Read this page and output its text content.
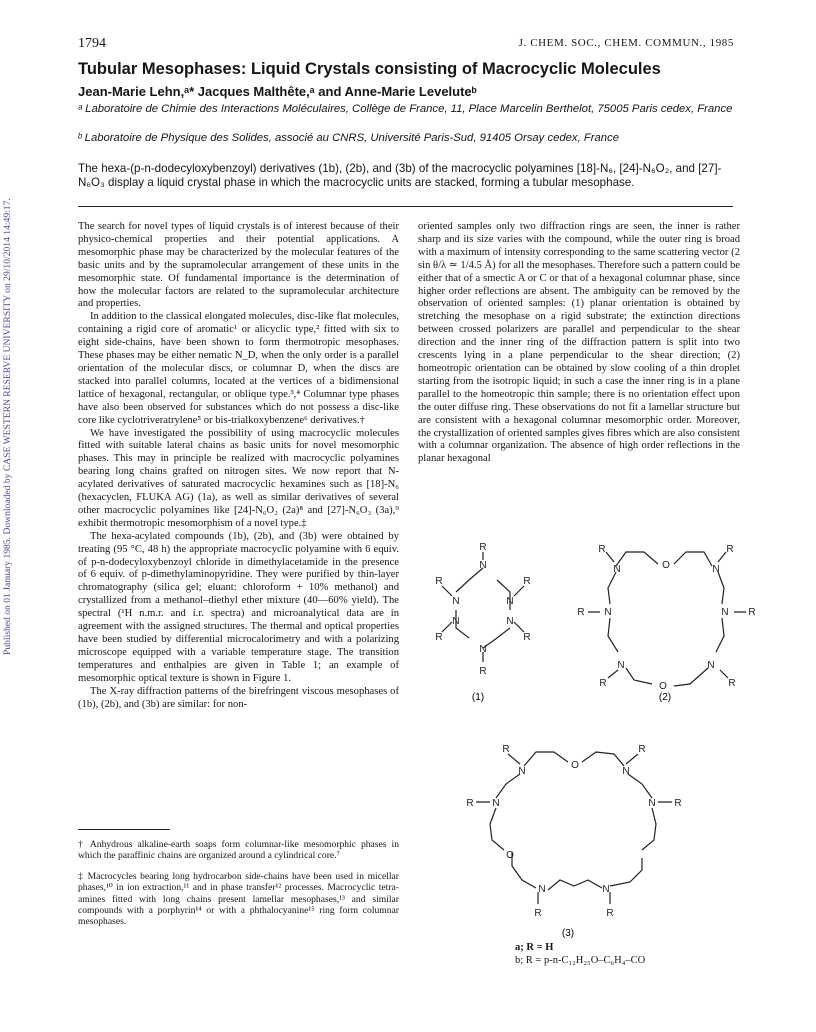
Published on 01 January 1985. Downloaded by CASE WESTERN RESERVE UNIVERSITY on 29/10/2014 14:49:17.
1794	J. CHEM. SOC., CHEM. COMMUN., 1985
Tubular Mesophases: Liquid Crystals consisting of Macrocyclic Molecules
Jean-Marie Lehn,ᵃ* Jacques Malthête,ᵃ and Anne-Marie Leveluteᵇ
ᵃ Laboratoire de Chimie des Interactions Moléculaires, Collège de France, 11, Place Marcelin Berthelot, 75005 Paris cedex, France
ᵇ Laboratoire de Physique des Solides, associé au CNRS, Université Paris-Sud, 91405 Orsay cedex, France
The hexa-(p-n-dodecyloxybenzoyl) derivatives (1b), (2b), and (3b) of the macrocyclic polyamines [18]-N₆, [24]-N₆O₂, and [27]-N₆O₃ display a liquid crystal phase in which the macrocyclic units are stacked, forming a tubular mesophase.

The search for novel types of liquid crystals is of interest because of their physico-chemical properties and their potential applications. A mesomorphic phase may be characterized by the molecular features of the basic units and by the supramolecular arrangement of these units in the mesomorphic state. Of fundamental importance is the determination of how the molecular factors are related to the supramolecular architecture and properties.

In addition to the classical elongated molecules, disc-like flat molecules, containing a rigid core of aromatic¹ or alicyclic type,² fitted with six to eight side-chains, have been shown to form thermotropic mesophases. These phases may be either nematic N_D, when the only order is a parallel orientation of the molecular discs, or columnar D, when the discs are stacked into parallel columns, located at the vertices of a bidimensional lattice of hexagonal, rectangular, or oblique type.³,⁴ Columnar type phases have also been observed for substances which do not possess a disc-like core like cyclotriveratrylene⁵ or bis-trialkoxybenzene⁶ derivatives.†

We have investigated the possibility of using macrocyclic molecules fitted with suitable lateral chains as basic units for novel mesomorphic phases. This may in principle be realized with macrocyclic polyamines bearing long chains grafted on nitrogen sites. We now report that N-acylated derivatives of saturated macrocyclic hexamines such as [18]-N₆ (hexacyclen, FLUKA AG) (1a), as well as similar derivatives of several other macrocyclic polyamines like [24]-N₆O₂ (2a)⁸ and [27]-N₆O₃ (3a),⁹ exhibit thermotropic mesomorphism of a novel type.‡

The hexa-acylated compounds (1b), (2b), and (3b) were obtained by treating (95 °C, 48 h) the appropriate macrocyclic polyamine with 6 equiv. of p-n-dodecyloxybenzoyl chloride in dimethylacetamide in the presence of 6 equiv. of p-dimethylaminopyridine. They were purified by thin-layer chromatography (silica gel; eluant: chloroform + 10% methanol) and crystallized from a methanol–diethyl ether mixture (40—60% yield). The spectral (¹H n.m.r. and i.r. spectra) and microanalytical data are in agreement with the assigned structures. The thermal and optical properties have been studied by differential microcalorimetry and with a polarizing microscope equipped with a variable temperature stage. The transition temperatures and enthalpies are given in Table 1; an example of mesomorphic optical texture is shown in Figure 1.

The X-ray diffraction patterns of the birefringent viscous mesophases of (1b), (2b), and (3b) are similar: for non-

oriented samples only two diffraction rings are seen, the inner is rather sharp and its size varies with the compound, while the outer ring is broad with a maximum of intensity corresponding to the same scattering vector (2 sin θ/λ ≃ 1/4.5 Å) for all the mesophases. Therefore such a pattern could be either that of a smectic A or C or that of a hexagonal columnar phase, since higher order reflections are absent. The ambiguity can be removed by the observation of oriented samples: (1) planar orientation is obtained by stretching the mesophase on a rigid substrate; the extinction directions between crossed polarizers are parallel and perpendicular to the shear direction and the inner ring of the diffraction pattern is split into two crescents lying in a plane perpendicular to the shear direction; (2) homeotropic orientation can be obtained by slow cooling of a thin droplet starting from the isotropic liquid; in such a case the inner ring is in a plane parallel to the homeotropic thin sample; there is no orientation effect upon the outer diffuse ring. These observations do not fit a lamellar structure but are consistent with a hexagonal columnar mesomorphic order. Moreover, the crystallization of oriented samples gives fibres which are also consistent with a columnar organization. The absence of high order reflections in the planar hexagonal

† Anhydrous alkaline-earth soaps form columnar-like mesomorphic phases in which the paraffinic chains are organized around a cylindrical core.⁷

‡ Macrocycles bearing long hydrocarbon side-chains have been used in micellar phases,¹⁰ in ion extraction,¹¹ and in phase transfer¹² processes. Macrocyclic tetra-amines fitted with long chains present lamellar mesophases,¹³ and similar compounds with a porphyrin¹⁴ or with a phthalocyanine¹⁵ ring form columnar mesophases.

R
N
R
N
R
N
N
R
N
R
N
R
(1)
R
N	O	N
R
R N	N R
N
R	O
N
R
(2)
R
N
O
N
R
R N	N R
O
N	N
R	R
(3)
a; R = H
b; R = p-n-C₁₂H₂₅O–C₆H₄–CO
